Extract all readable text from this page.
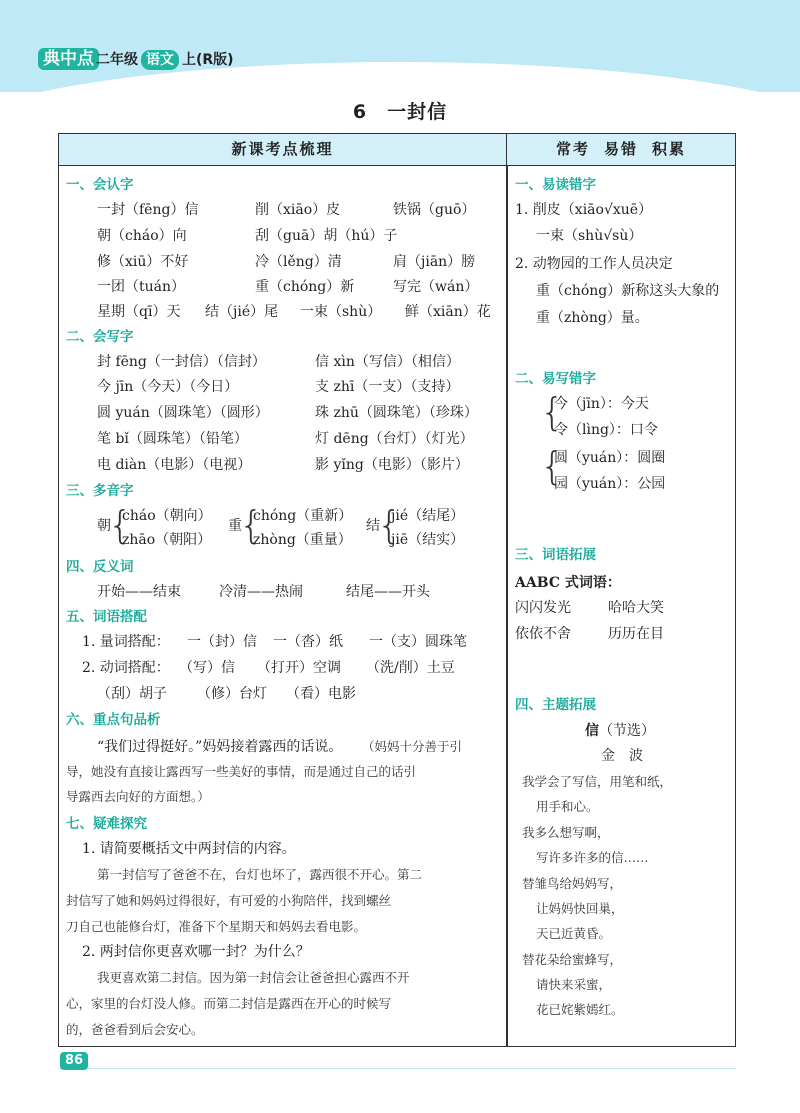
典中点 二年级 语文 上(R版)
6 一封信
新课考点梳理	常考 易错 积累
一、会认字
一封（fēng）信	削（xiāo）皮	铁锅（guō）
朝（cháo）向	刮（guā）胡（hú）子
修（xiū）不好	冷（lěng）清	肩（jiān）膀
一团（tuán）	重（chóng）新	写完（wán）
星期（qī）天 结（jié）尾 一束（shù） 鲜（xiān）花
二、会写字
封 fēng（一封信）（信封）	信 xìn（写信）（相信）
今 jīn（今天）（今日）	支 zhī（一支）（支持）
圆 yuán（圆珠笔）（圆形）	珠 zhū（圆珠笔）（珍珠）
笔 bǐ（圆珠笔）（铅笔）	灯 dēng（台灯）（灯光）
电 diàn（电影）（电视）	影 yǐng（电影）（影片）
三、多音字
朝
{
cháo（朝向）
zhāo（朝阳）
重
{
chóng（重新）
zhòng（重量）
结
{
jié（结尾）
jiē（结实）
四、反义词
开始——结束	冷清——热闹	结尾——开头
五、词语搭配
1. 量词搭配： 一（封）信 一（沓）纸 一（支）圆珠笔
2. 动词搭配： （写）信 （打开）空调 （洗/削）土豆
（刮）胡子 （修）台灯 （看）电影
六、重点句品析
“我们过得挺好。”妈妈接着露西的话说。 （妈妈十分善于引
导，她没有直接让露西写一些美好的事情，而是通过自己的话引
导露西去向好的方面想。）
七、疑难探究
1. 请简要概括文中两封信的内容。
第一封信写了爸爸不在，台灯也坏了，露西很不开心。第二
封信写了她和妈妈过得很好，有可爱的小狗陪伴，找到螺丝
刀自己也能修台灯，准备下个星期天和妈妈去看电影。
2. 两封信你更喜欢哪一封？为什么？
我更喜欢第二封信。因为第一封信会让爸爸担心露西不开
心，家里的台灯没人修。而第二封信是露西在开心的时候写
的，爸爸看到后会安心。
一、易读错字
1. 削皮（xiāo√xuē）
一束（shù√sù）
2. 动物园的工作人员决定
重（chóng）新称这头大象的
重（zhòng）量。
二、易写错字
{
今（jīn）：今天
令（lìng）：口令
{
圆（yuán）：圆圈
园（yuán）：公园
三、词语拓展
AABC 式词语：
闪闪发光	哈哈大笑
依依不舍	历历在目
四、主题拓展
信（节选）
金　波
我学会了写信，用笔和纸，
用手和心。
我多么想写啊，
写许多许多的信……
替雏鸟给妈妈写，
让妈妈快回巢，
天已近黄昏。
替花朵给蜜蜂写，
请快来采蜜，
花已姹紫嫣红。
86
